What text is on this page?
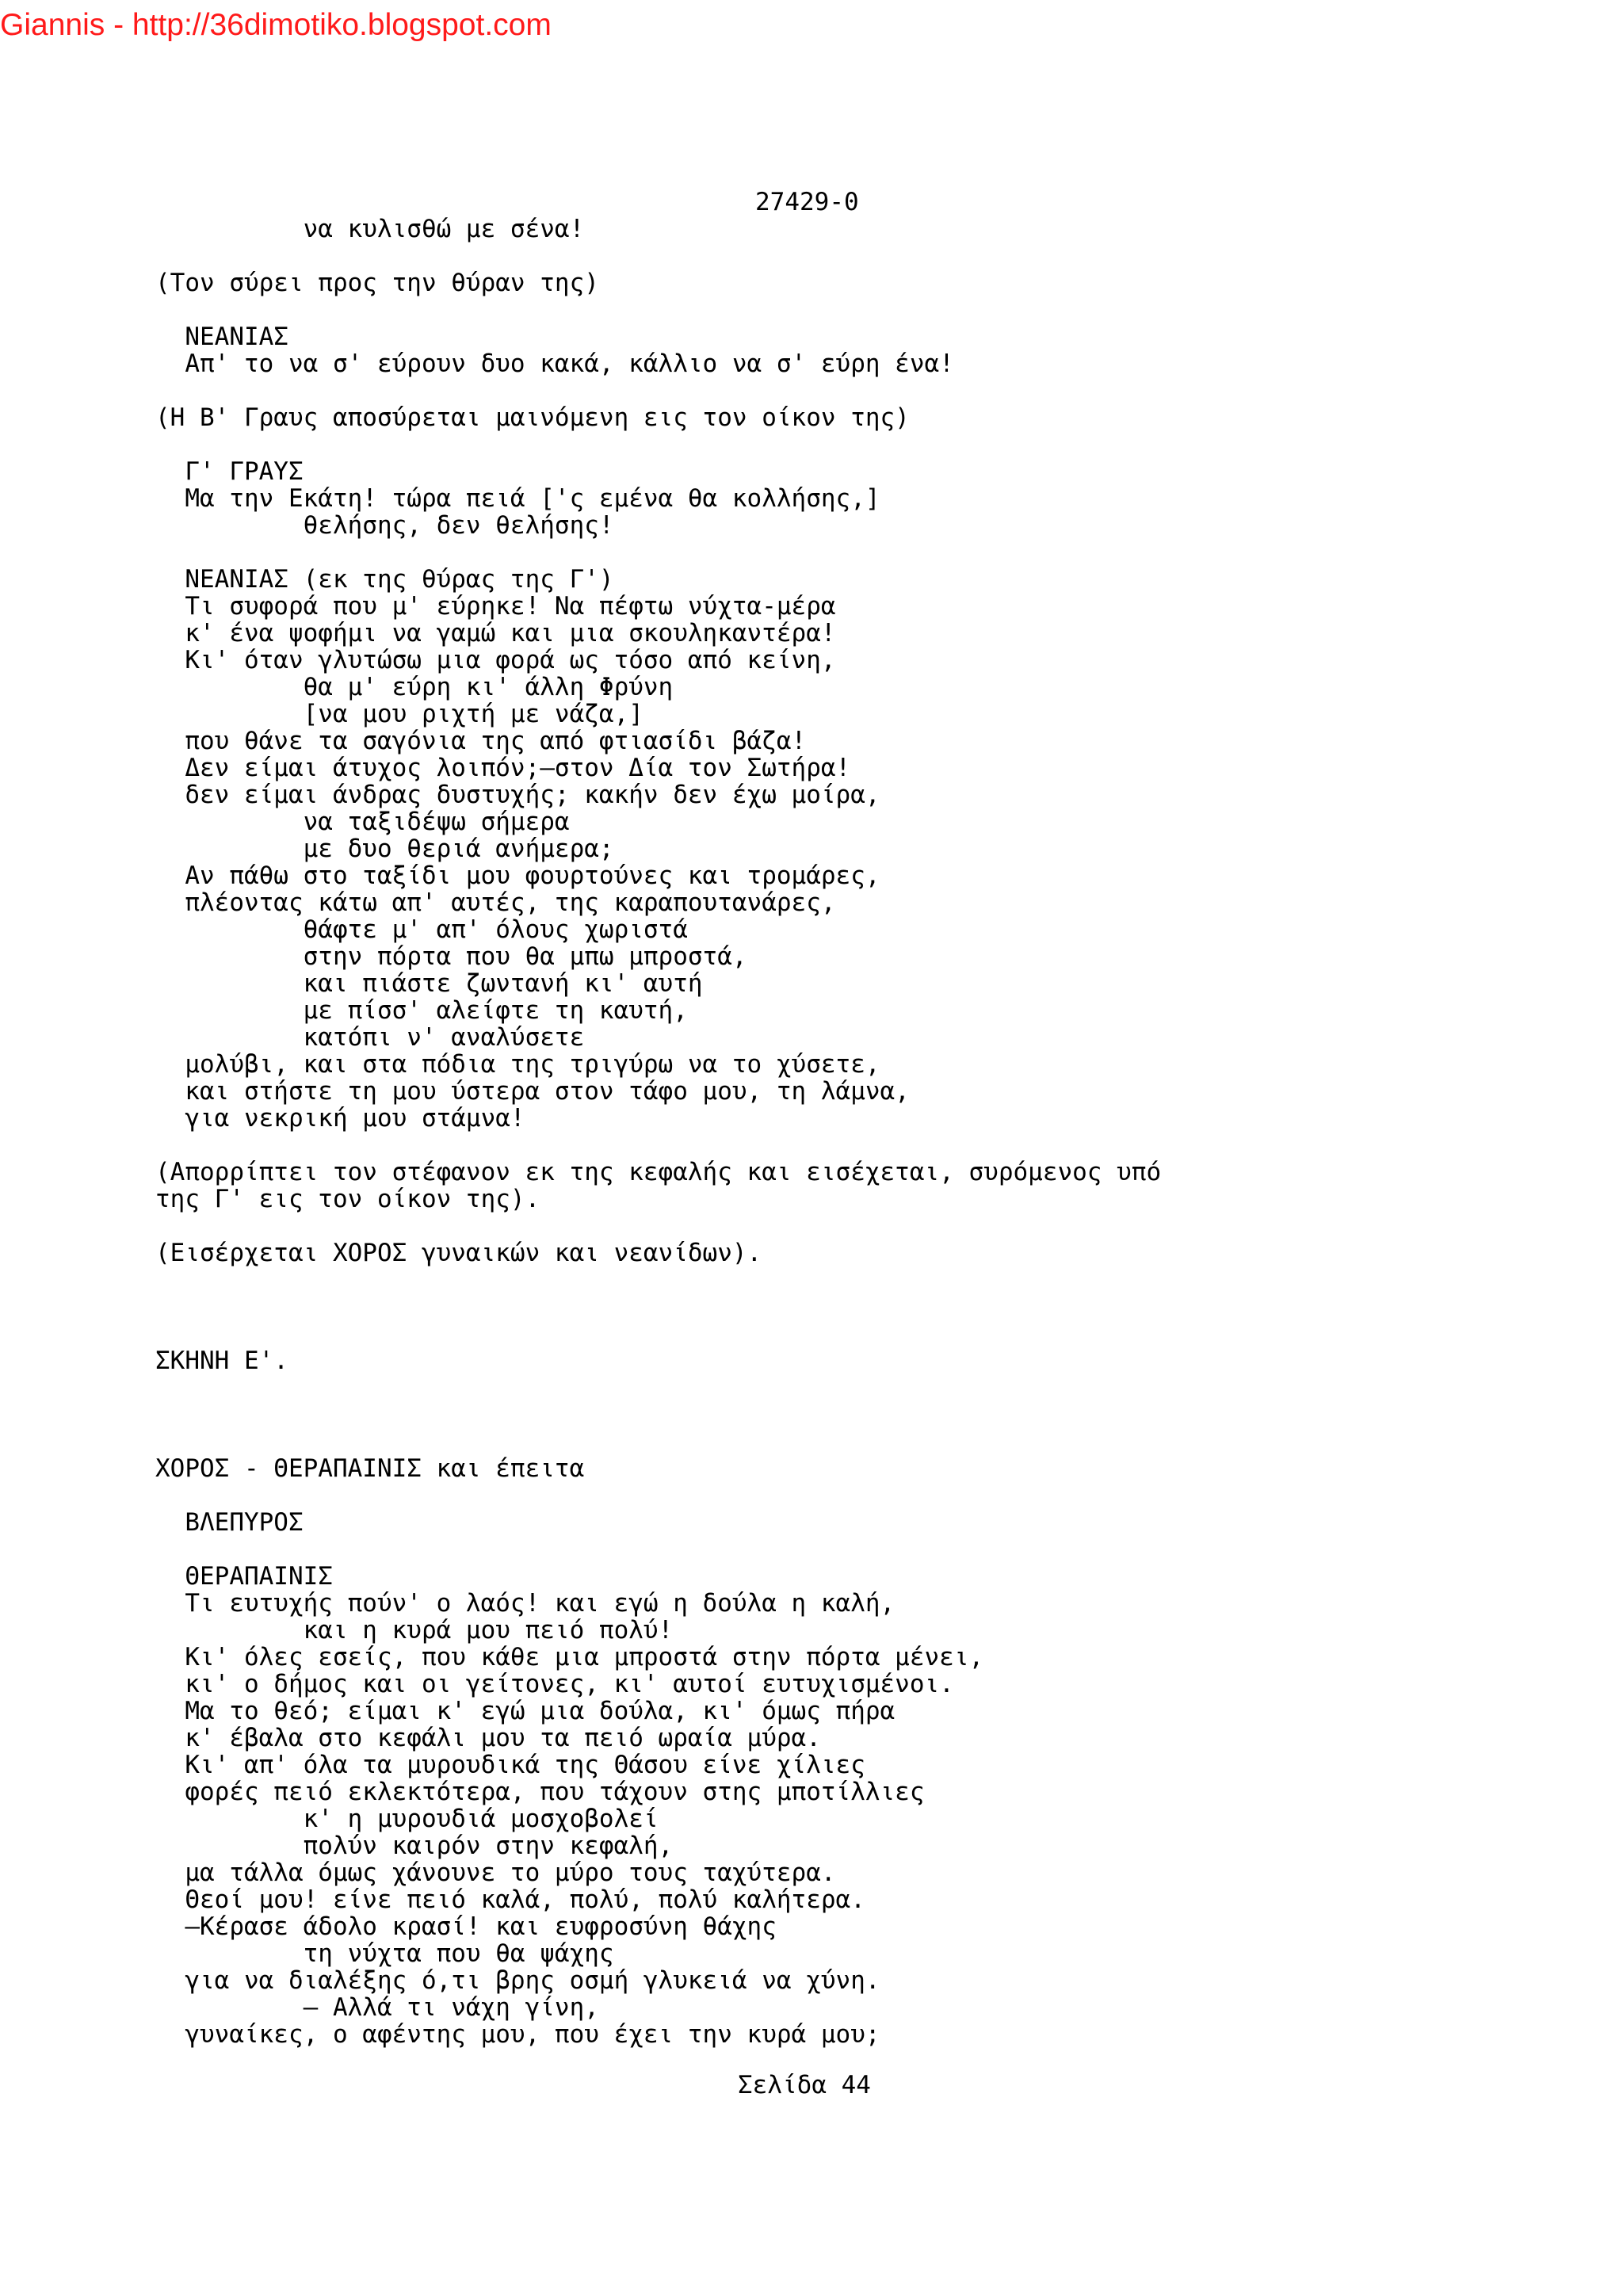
Giannis - http://36dimotiko.blogspot.com
27429-0
να κυλισθώ με σένα!
(Τον σύρει προς την θύραν της)
ΝΕΑΝΙΑΣ
Απ' το να σ' εύρουν δυο κακά, κάλλιο να σ' εύρη ένα!
(Η Β' Γραυς αποσύρεται μαινόμενη εις τον οίκον της)
Γ' ΓΡΑΥΣ
Μα την Εκάτη! τώρα πειά ['ς εμένα θα κολλήσης,]
θελήσης, δεν θελήσης!
ΝΕΑΝΙΑΣ (εκ της θύρας της Γ')
Τι συφορά που μ' εύρηκε! Να πέφτω νύχτα-μέρα
κ' ένα ψοφήμι να γαμώ και μια σκουληκαντέρα!
Κι' όταν γλυτώσω μια φορά ως τόσο από κείνη,
θα μ' εύρη κι' άλλη Φρύνη
[να μου ριχτή με νάζα,]
που θάνε τα σαγόνια της από φτιασίδι βάζα!
Δεν είμαι άτυχος λοιπόν;—στον Δία τον Σωτήρα!
δεν είμαι άνδρας δυστυχής; κακήν δεν έχω μοίρα,
να ταξιδέψω σήμερα
με δυο θεριά ανήμερα;
Αν πάθω στο ταξίδι μου φουρτούνες και τρομάρες,
πλέοντας κάτω απ' αυτές, της καραπουτανάρες,
θάφτε μ' απ' όλους χωριστά
στην πόρτα που θα μπω μπροστά,
και πιάστε ζωντανή κι' αυτή
με πίσσ' αλείφτε τη καυτή,
κατόπι ν' αναλύσετε
μολύβι, και στα πόδια της τριγύρω να το χύσετε,
και στήστε τη μου ύστερα στον τάφο μου, τη λάμνα,
για νεκρική μου στάμνα!
(Απορρίπτει τον στέφανον εκ της κεφαλής και εισέχεται, συρόμενος υπό
της Γ' εις τον οίκον της).
(Εισέρχεται ΧΟΡΟΣ γυναικών και νεανίδων).
ΣΚΗΝΗ Ε'.
ΧΟΡΟΣ - ΘΕΡΑΠΑΙΝΙΣ και έπειτα
ΒΛΕΠΥΡΟΣ
ΘΕΡΑΠΑΙΝΙΣ
Τι ευτυχής πούν' ο λαός! και εγώ η δούλα η καλή,
και η κυρά μου πειό πολύ!
Κι' όλες εσείς, που κάθε μια μπροστά στην πόρτα μένει,
κι' ο δήμος και οι γείτονες, κι' αυτοί ευτυχισμένοι.
Μα το θεό; είμαι κ' εγώ μια δούλα, κι' όμως πήρα
κ' έβαλα στο κεφάλι μου τα πειό ωραία μύρα.
Κι' απ' όλα τα μυρουδικά της Θάσου είνε χίλιες
φορές πειό εκλεκτότερα, που τάχουν στης μποτίλλιες
κ' η μυρουδιά μοσχοβολεί
πολύν καιρόν στην κεφαλή,
μα τάλλα όμως χάνουνε το μύρο τους ταχύτερα.
Θεοί μου! είνε πειό καλά, πολύ, πολύ καλήτερα.
—Κέρασε άδολο κρασί! και ευφροσύνη θάχης
τη νύχτα που θα ψάχης
για να διαλέξης ό,τι βρης οσμή γλυκειά να χύνη.
— Αλλά τι νάχη γίνη,
γυναίκες, ο αφέντης μου, που έχει την κυρά μου;
Σελίδα 44
